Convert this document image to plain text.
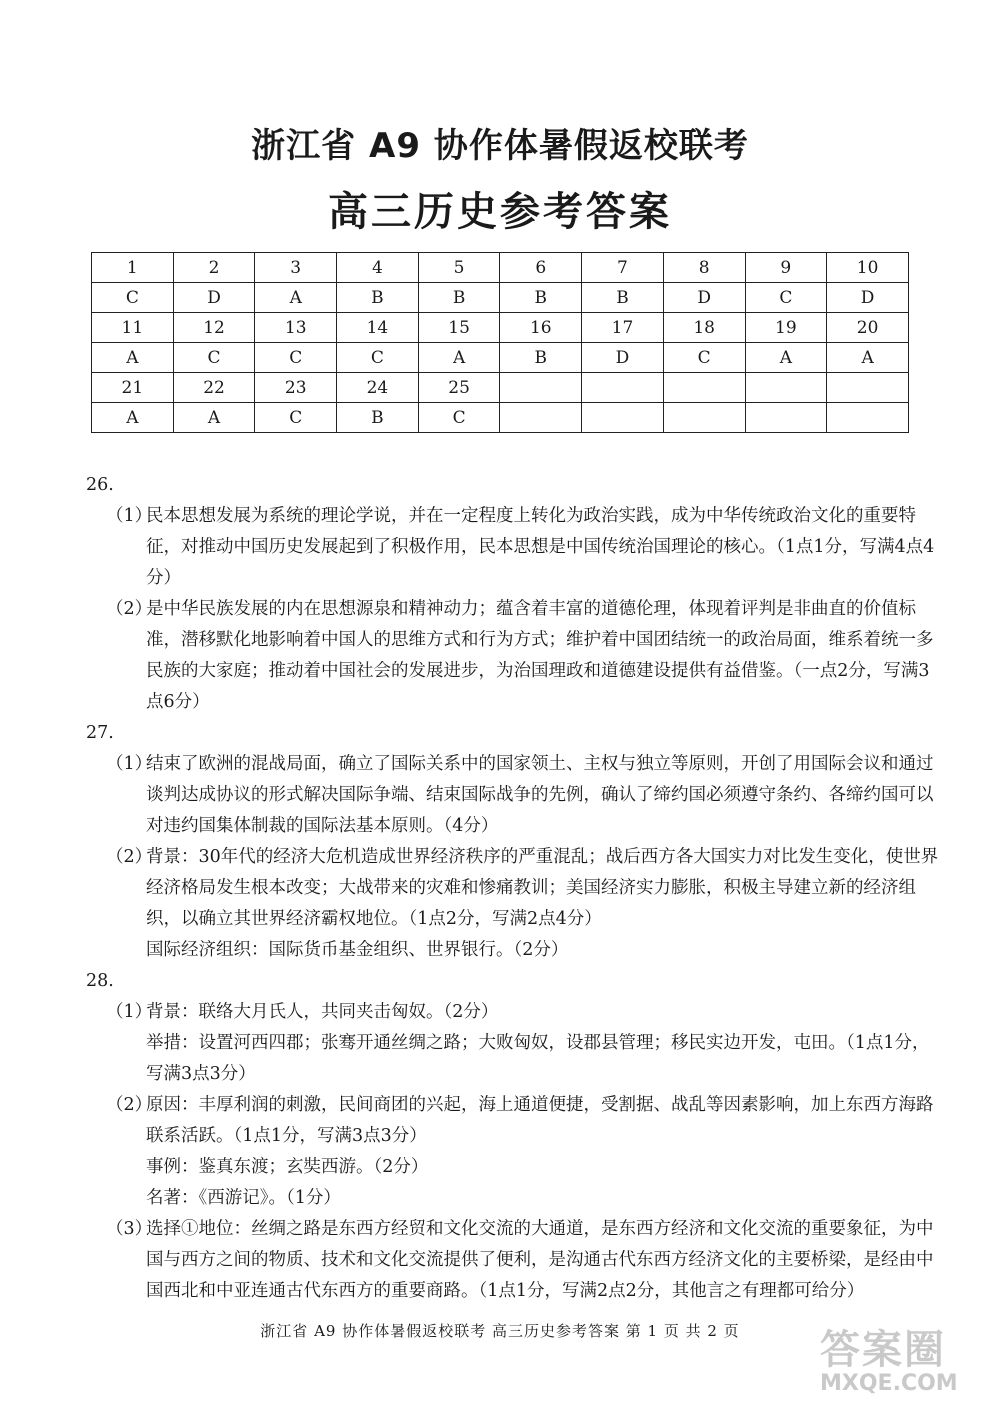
浙江省 A9 协作体暑假返校联考
高三历史参考答案
1	2	3	4	5	6	7	8	9	10
C	D	A	B	B	B	B	D	C	D
11	12	13	14	15	16	17	18	19	20
A	C	C	C	A	B	D	C	A	A
21	22	23	24	25					
A	A	C	B	C					

26.

（1）
民本思想发展为系统的理论学说，并在一定程度上转化为政治实践，成为中华传统政治文化的重要特征，对推动中国历史发展起到了积极作用，民本思想是中国传统治国理论的核心。（1点1分，写满4点4分）

（2）
是中华民族发展的内在思想源泉和精神动力；蕴含着丰富的道德伦理，体现着评判是非曲直的价值标准，潜移默化地影响着中国人的思维方式和行为方式；维护着中国团结统一的政治局面，维系着统一多民族的大家庭；推动着中国社会的发展进步，为治国理政和道德建设提供有益借鉴。（一点2分，写满3点6分）

27.

（1）
结束了欧洲的混战局面，确立了国际关系中的国家领土、主权与独立等原则，开创了用国际会议和通过谈判达成协议的形式解决国际争端、结束国际战争的先例，确认了缔约国必须遵守条约、各缔约国可以对违约国集体制裁的国际法基本原则。（4分）

（2）
背景：30年代的经济大危机造成世界经济秩序的严重混乱；战后西方各大国实力对比发生变化，使世界经济格局发生根本改变；大战带来的灾难和惨痛教训；美国经济实力膨胀，积极主导建立新的经济组织，以确立其世界经济霸权地位。（1点2分，写满2点4分）

国际经济组织：国际货币基金组织、世界银行。（2分）

28.

（1）
背景：联络大月氏人，共同夹击匈奴。（2分）

举措：设置河西四郡；张骞开通丝绸之路；大败匈奴，设郡县管理；移民实边开发，屯田。（1点1分，写满3点3分）

（2）
原因：丰厚利润的刺激，民间商团的兴起，海上通道便捷，受割据、战乱等因素影响，加上东西方海路联系活跃。（1点1分，写满3点3分）

事例：鉴真东渡；玄奘西游。（2分）

名著：《西游记》。（1分）

（3）
选择①地位：丝绸之路是东西方经贸和文化交流的大通道，是东西方经济和文化交流的重要象征，为中国与西方之间的物质、技术和文化交流提供了便利，是沟通古代东西方经济文化的主要桥梁，是经由中国西北和中亚连通古代东西方的重要商路。（1点1分，写满2点2分，其他言之有理都可给分）

浙江省 A9 协作体暑假返校联考 高三历史参考答案 第 1 页 共 2 页	答案圈
MXQE.COM
